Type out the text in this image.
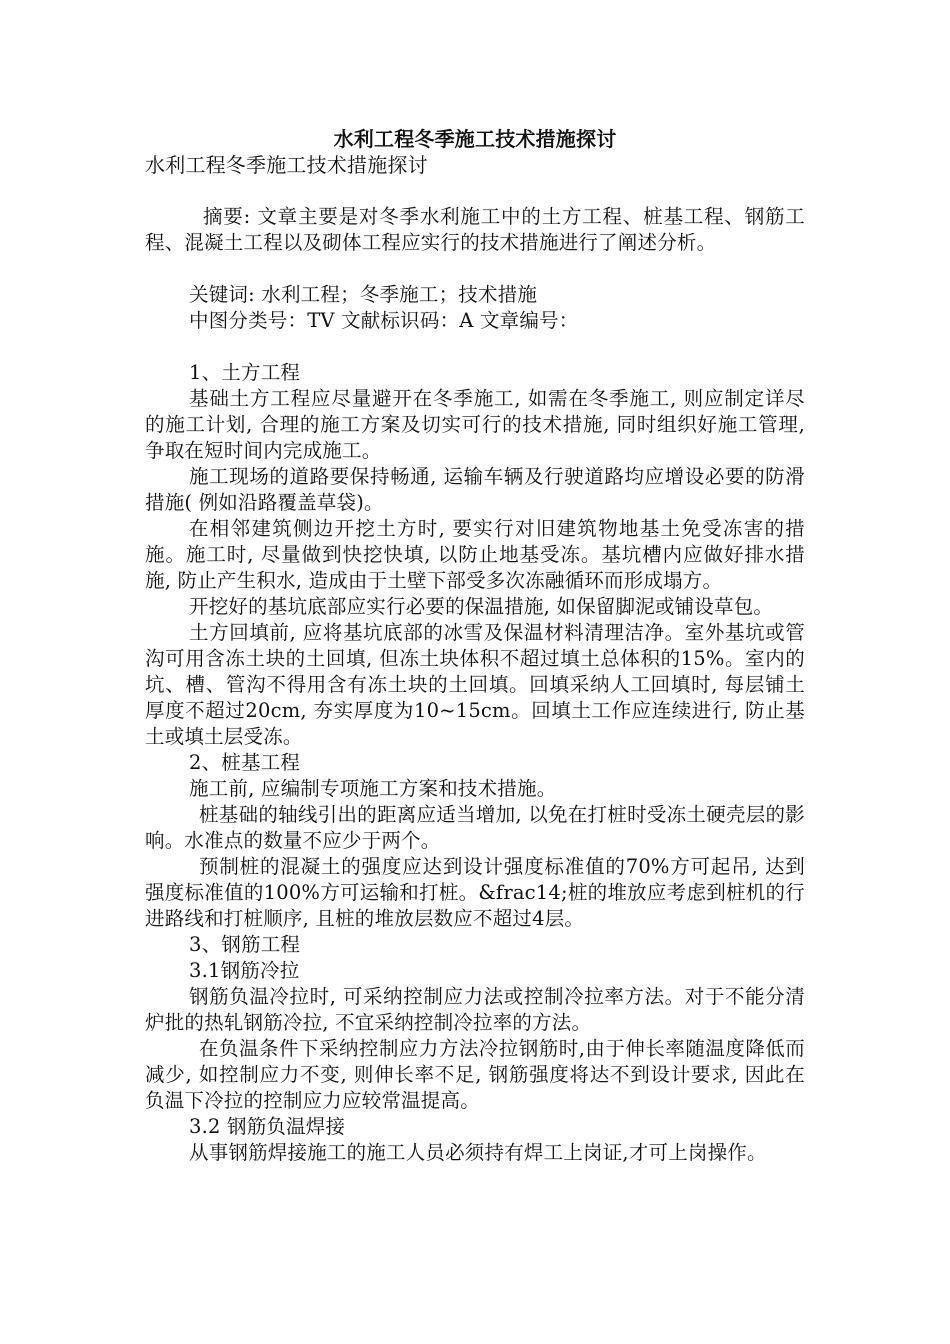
水利工程冬季施工技术措施探讨

水利工程冬季施工技术措施探讨

摘要: 文章主要是对冬季水利施工中的土方工程、桩基工程、钢筋工程、混凝土工程以及砌体工程应实行的技术措施进行了阐述分析。

关键词: 水利工程；冬季施工；技术措施

中图分类号：TV 文献标识码：A 文章编号：

1、土方工程

基础土方工程应尽量避开在冬季施工, 如需在冬季施工, 则应制定详尽的施工计划, 合理的施工方案及切实可行的技术措施, 同时组织好施工管理, 争取在短时间内完成施工。

施工现场的道路要保持畅通, 运输车辆及行驶道路均应增设必要的防滑措施( 例如沿路覆盖草袋)。

在相邻建筑侧边开挖土方时, 要实行对旧建筑物地基土免受冻害的措施。施工时, 尽量做到快挖快填, 以防止地基受冻。基坑槽内应做好排水措施, 防止产生积水, 造成由于土壁下部受多次冻融循环而形成塌方。

开挖好的基坑底部应实行必要的保温措施, 如保留脚泥或铺设草包。

土方回填前, 应将基坑底部的冰雪及保温材料清理洁净。室外基坑或管沟可用含冻土块的土回填, 但冻土块体积不超过填土总体积的15%。室内的坑、槽、管沟不得用含有冻土块的土回填。回填采纳人工回填时, 每层铺土厚度不超过20cm, 夯实厚度为10~15cm。回填土工作应连续进行, 防止基土或填土层受冻。

2、桩基工程

施工前, 应编制专项施工方案和技术措施。

桩基础的轴线引出的距离应适当增加, 以免在打桩时受冻土硬壳层的影响。水准点的数量不应少于两个。

预制桩的混凝土的强度应达到设计强度标准值的70%方可起吊, 达到强度标准值的100%方可运输和打桩。&frac14;桩的堆放应考虑到桩机的行进路线和打桩顺序, 且桩的堆放层数应不超过4层。

3、钢筋工程

3.1钢筋冷拉

钢筋负温冷拉时, 可采纳控制应力法或控制冷拉率方法。对于不能分清炉批的热轧钢筋冷拉, 不宜采纳控制冷拉率的方法。

在负温条件下采纳控制应力方法冷拉钢筋时,由于伸长率随温度降低而减少, 如控制应力不变, 则伸长率不足, 钢筋强度将达不到设计要求, 因此在负温下冷拉的控制应力应较常温提高。

3.2 钢筋负温焊接

从事钢筋焊接施工的施工人员必须持有焊工上岗证,才可上岗操作。
